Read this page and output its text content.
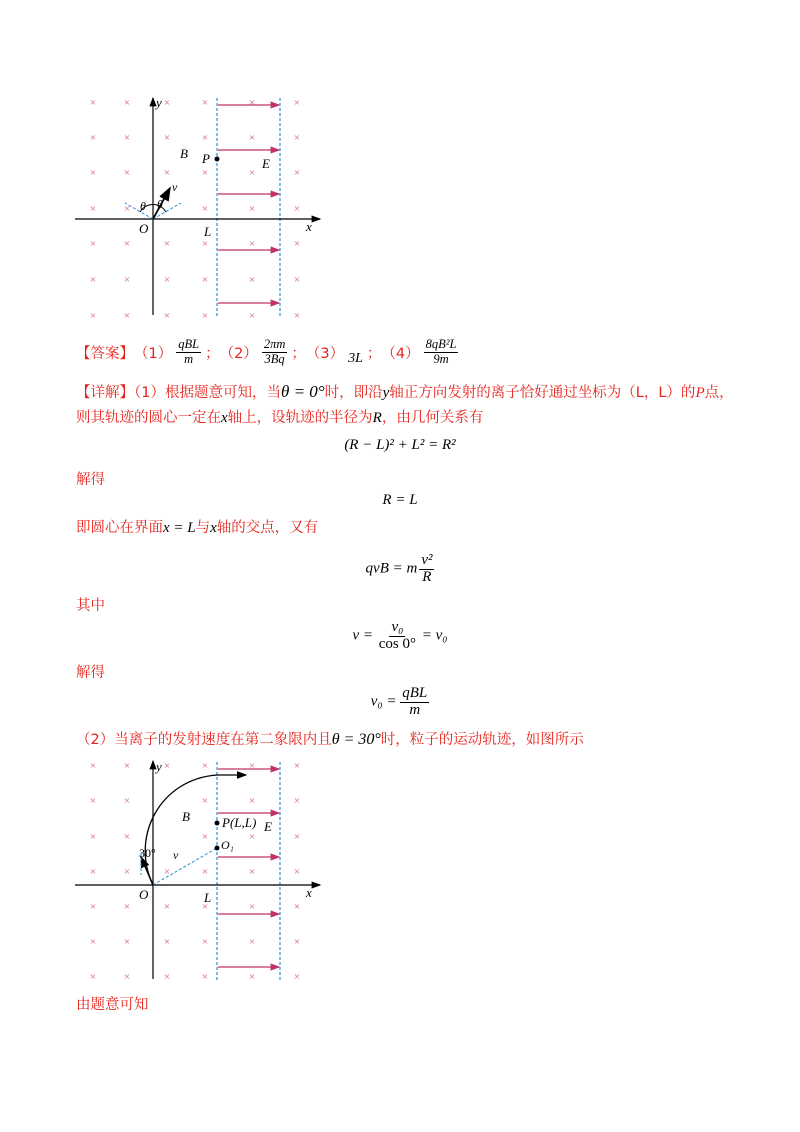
×	×	×	×	×	×
×	×	×	×	×	×
×	×	×	×	×	×
×	×	×	×	×
×	×	×	×	×	×
×	×	×	×	×	×
×	×	×	×	×	×
y
x
O	L
B P	E
v
θ θ
【答案】 $(1) \frac{\text{qBL}}{m}$ ； $(2) \frac{2\pi m}{3Bq}$ ； （3） 3L ； $(4) \frac{\text{8qB²L}}{9m}$
【详解】（1）根据题意可知，当θ = 0°时，即沿y轴正方向发射的离子恰好通过坐标为（L，L）的P点，
则其轨迹的圆心一定在x轴上，设轨迹的半径为R，由几何关系有
(R − L)² + L² = R²
解得
R = L
即圆心在界面x = L与x轴的交点，又有
qvB = m $\frac{\text{v²}}{R}$
其中
$v = \frac{\text{v₀}}{\cos 0^\circ} = v_0$
解得
$v_0 = \frac{\text{qBL}}{m}$
（2）当离子的发射速度在第二象限内且θ = 30°时，粒子的运动轨迹，如图所示
×	×	×	×	×	×
×	×	×	×	×
×	×	×	×	×
×	×	×	×	×	×
×	×	×	×	×	×
×	×	×	×	×	×
×	×	×	×	×	×
y
x
O	L
B P(L,L) E
O₁
v
30°
由题意可知
